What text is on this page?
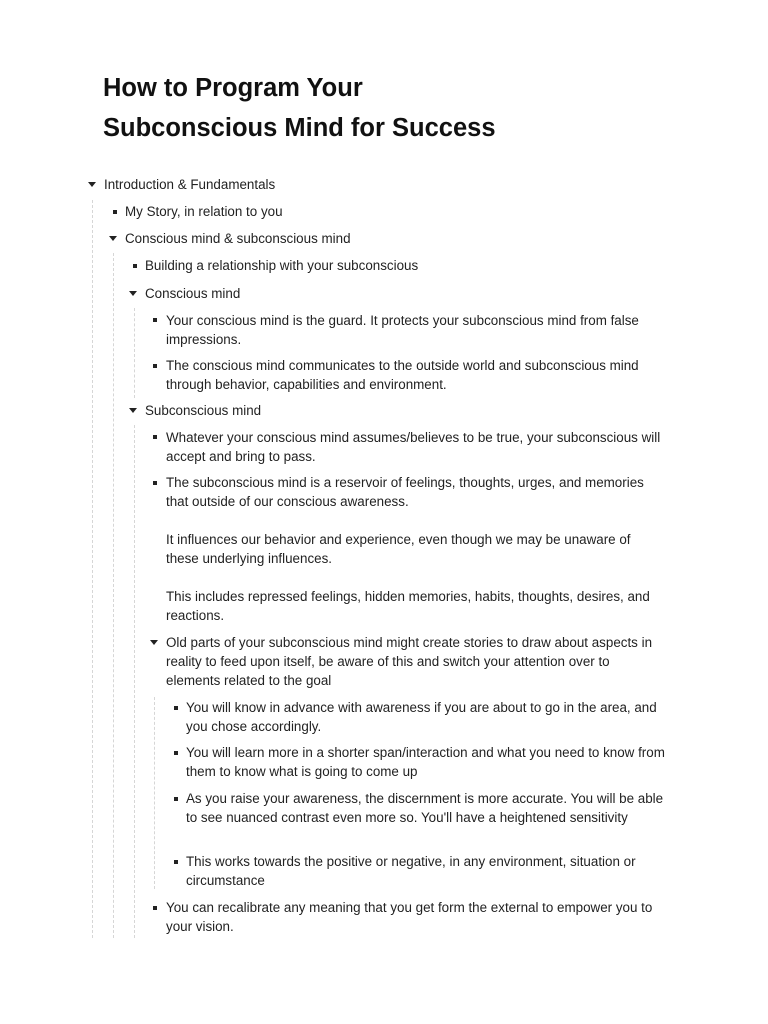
How to Program Your
Subconscious Mind for Success
Introduction & Fundamentals
My Story, in relation to you
Conscious mind & subconscious mind
Building a relationship with your subconscious
Conscious mind
Your conscious mind is the guard. It protects your subconscious mind from false impressions.
The conscious mind communicates to the outside world and subconscious mind through behavior, capabilities and environment.
Subconscious mind
Whatever your conscious mind assumes/believes to be true, your subconscious will accept and bring to pass.
The subconscious mind is a reservoir of feelings, thoughts, urges, and memories that outside of our conscious awareness.
It influences our behavior and experience, even though we may be unaware of these underlying influences.
This includes repressed feelings, hidden memories, habits, thoughts, desires, and reactions.
Old parts of your subconscious mind might create stories to draw about aspects in reality to feed upon itself, be aware of this and switch your attention over to elements related to the goal
You will know in advance with awareness if you are about to go in the area, and you chose accordingly.
You will learn more in a shorter span/interaction and what you need to know from them to know what is going to come up
As you raise your awareness, the discernment is more accurate. You will be able to see nuanced contrast even more so. You'll have a heightened sensitivity
This works towards the positive or negative, in any environment, situation or circumstance
You can recalibrate any meaning that you get form the external to empower you to your vision.
